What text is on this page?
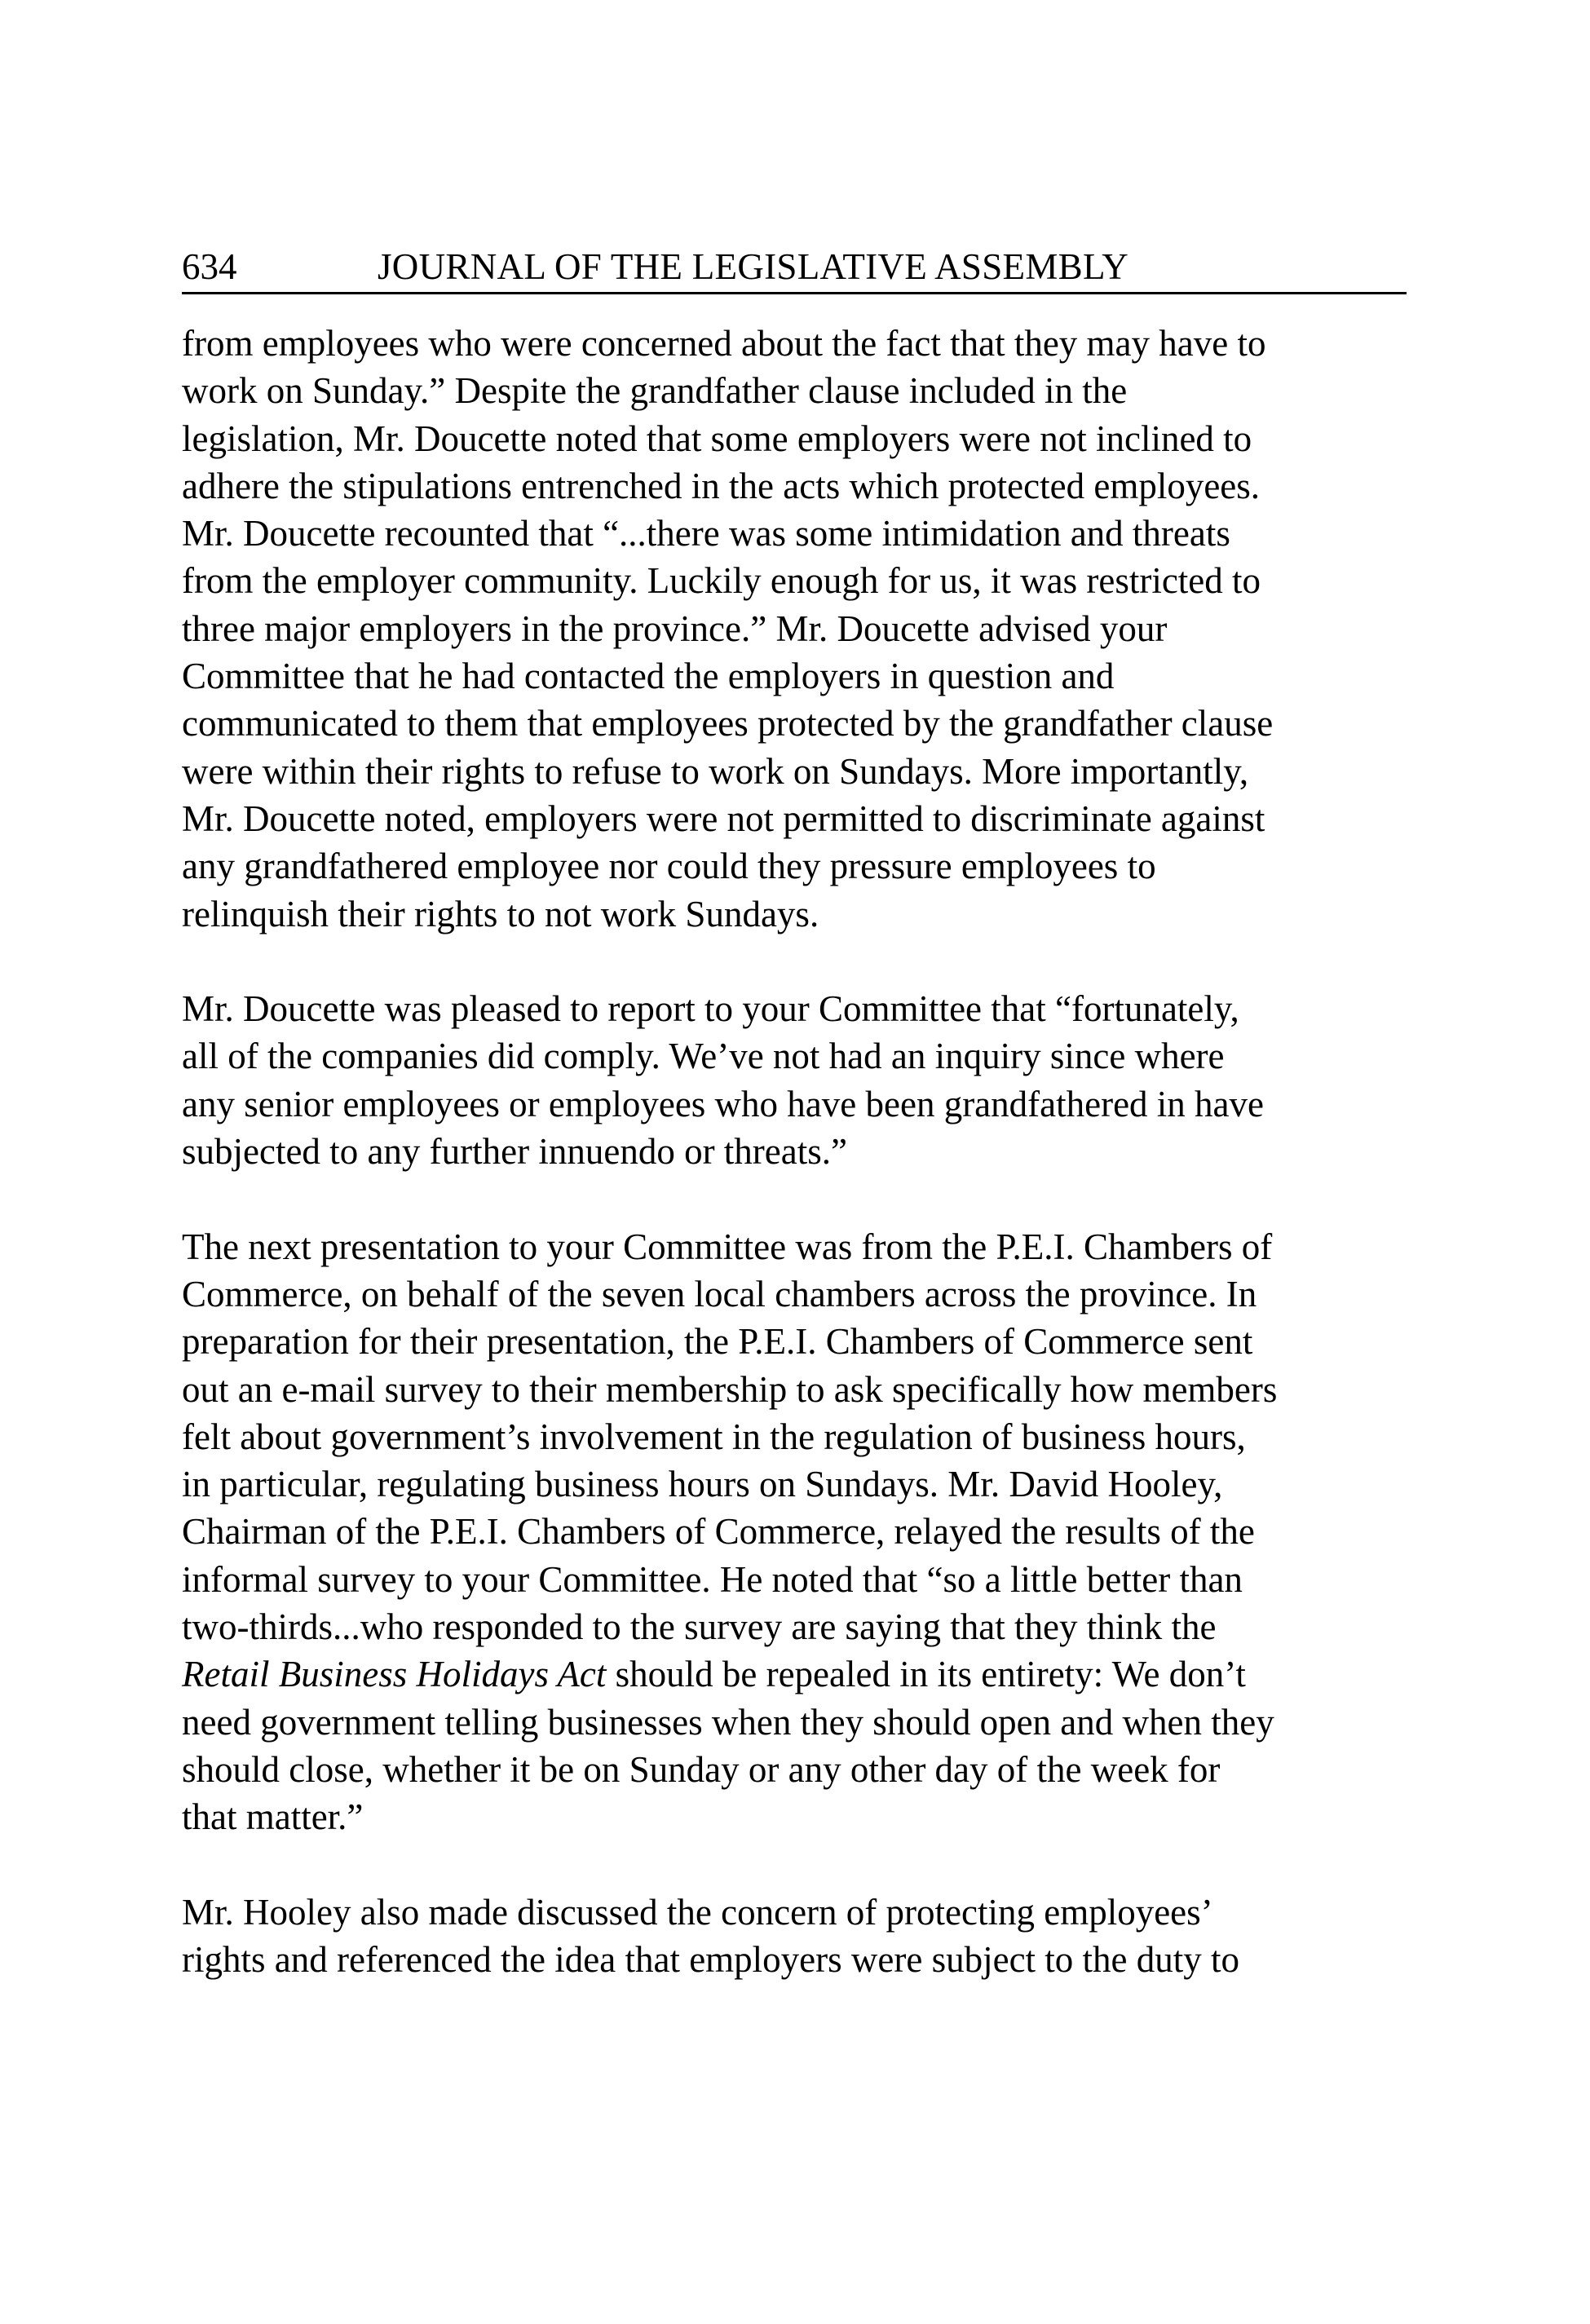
634	JOURNAL OF THE LEGISLATIVE ASSEMBLY

from employees who were concerned about the fact that they may have to
work on Sunday.” Despite the grandfather clause included in the
legislation, Mr. Doucette noted that some employers were not inclined to
adhere the stipulations entrenched in the acts which protected employees.
Mr. Doucette recounted that “...there was some intimidation and threats
from the employer community. Luckily enough for us, it was restricted to
three major employers in the province.” Mr. Doucette advised your
Committee that he had contacted the employers in question and
communicated to them that employees protected by the grandfather clause
were within their rights to refuse to work on Sundays. More importantly,
Mr. Doucette noted, employers were not permitted to discriminate against
any grandfathered employee nor could they pressure employees to
relinquish their rights to not work Sundays.

Mr. Doucette was pleased to report to your Committee that “fortunately,
all of the companies did comply. We’ve not had an inquiry since where
any senior employees or employees who have been grandfathered in have
subjected to any further innuendo or threats.”

The next presentation to your Committee was from the P.E.I. Chambers of
Commerce, on behalf of the seven local chambers across the province. In
preparation for their presentation, the P.E.I. Chambers of Commerce sent
out an e-mail survey to their membership to ask specifically how members
felt about government’s involvement in the regulation of business hours,
in particular, regulating business hours on Sundays. Mr. David Hooley,
Chairman of the P.E.I. Chambers of Commerce, relayed the results of the
informal survey to your Committee. He noted that “so a little better than
two-thirds...who responded to the survey are saying that they think the
Retail Business Holidays Act should be repealed in its entirety: We don’t
need government telling businesses when they should open and when they
should close, whether it be on Sunday or any other day of the week for
that matter.”

Mr. Hooley also made discussed the concern of protecting employees’
rights and referenced the idea that employers were subject to the duty to
